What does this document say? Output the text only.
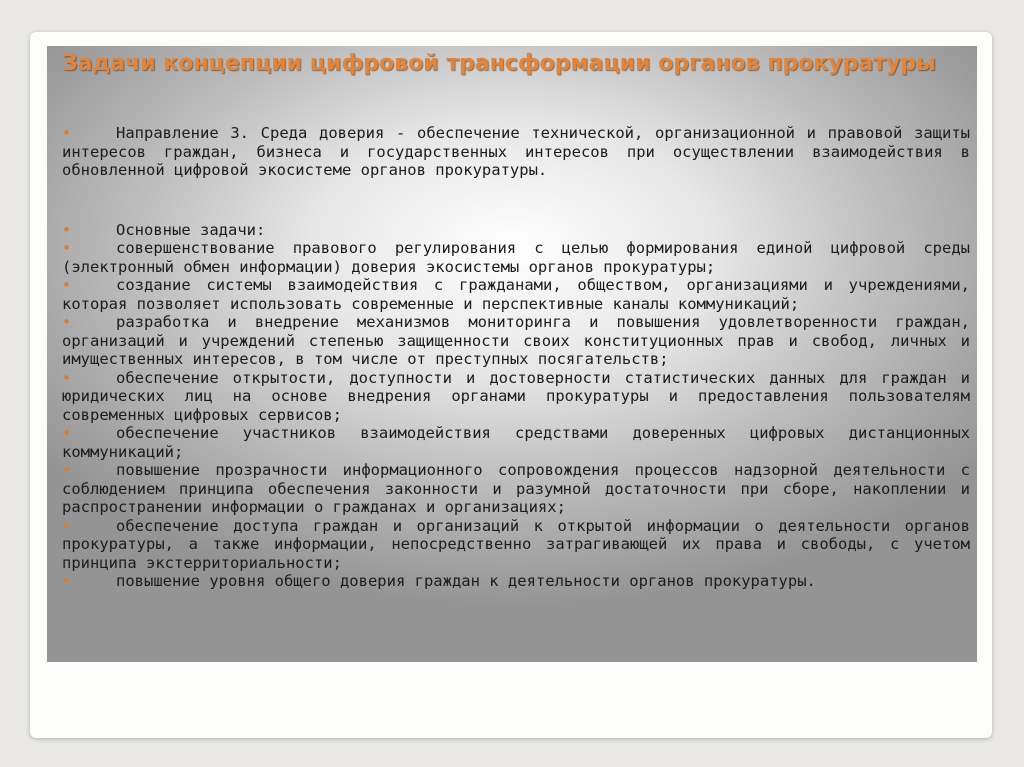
Задачи концепции цифровой трансформации органов прокуратуры

•	Направление 3. Среда доверия - обеспечение технической, организационной и правовой защиты интересов граждан, бизнеса и государственных интересов при осуществлении взаимодействия в обновленной цифровой экосистеме органов прокуратуры.

•	Основные задачи:

•	совершенствование правового регулирования с целью формирования единой цифровой среды (электронный обмен информации) доверия экосистемы органов прокуратуры;

•	создание системы взаимодействия с гражданами, обществом, организациями и учреждениями, которая позволяет использовать современные и перспективные каналы коммуникаций;

•	разработка и внедрение механизмов мониторинга и повышения удовлетворенности граждан, организаций и учреждений степенью защищенности своих конституционных прав и свобод, личных и имущественных интересов, в том числе от преступных посягательств;

•	обеспечение открытости, доступности и достоверности статистических данных для граждан и юридических лиц на основе внедрения органами прокуратуры и предоставления пользователям современных цифровых сервисов;

•	обеспечение участников взаимодействия средствами доверенных цифровых дистанционных коммуникаций;

•	повышение прозрачности информационного сопровождения процессов надзорной деятельности с соблюдением принципа обеспечения законности и разумной достаточности при сборе, накоплении и распространении информации о гражданах и организациях;

•	обеспечение доступа граждан и организаций к открытой информации о деятельности органов прокуратуры, а также информации, непосредственно затрагивающей их права и свободы, с учетом принципа экстерриториальности;

•	повышение уровня общего доверия граждан к деятельности органов прокуратуры.
